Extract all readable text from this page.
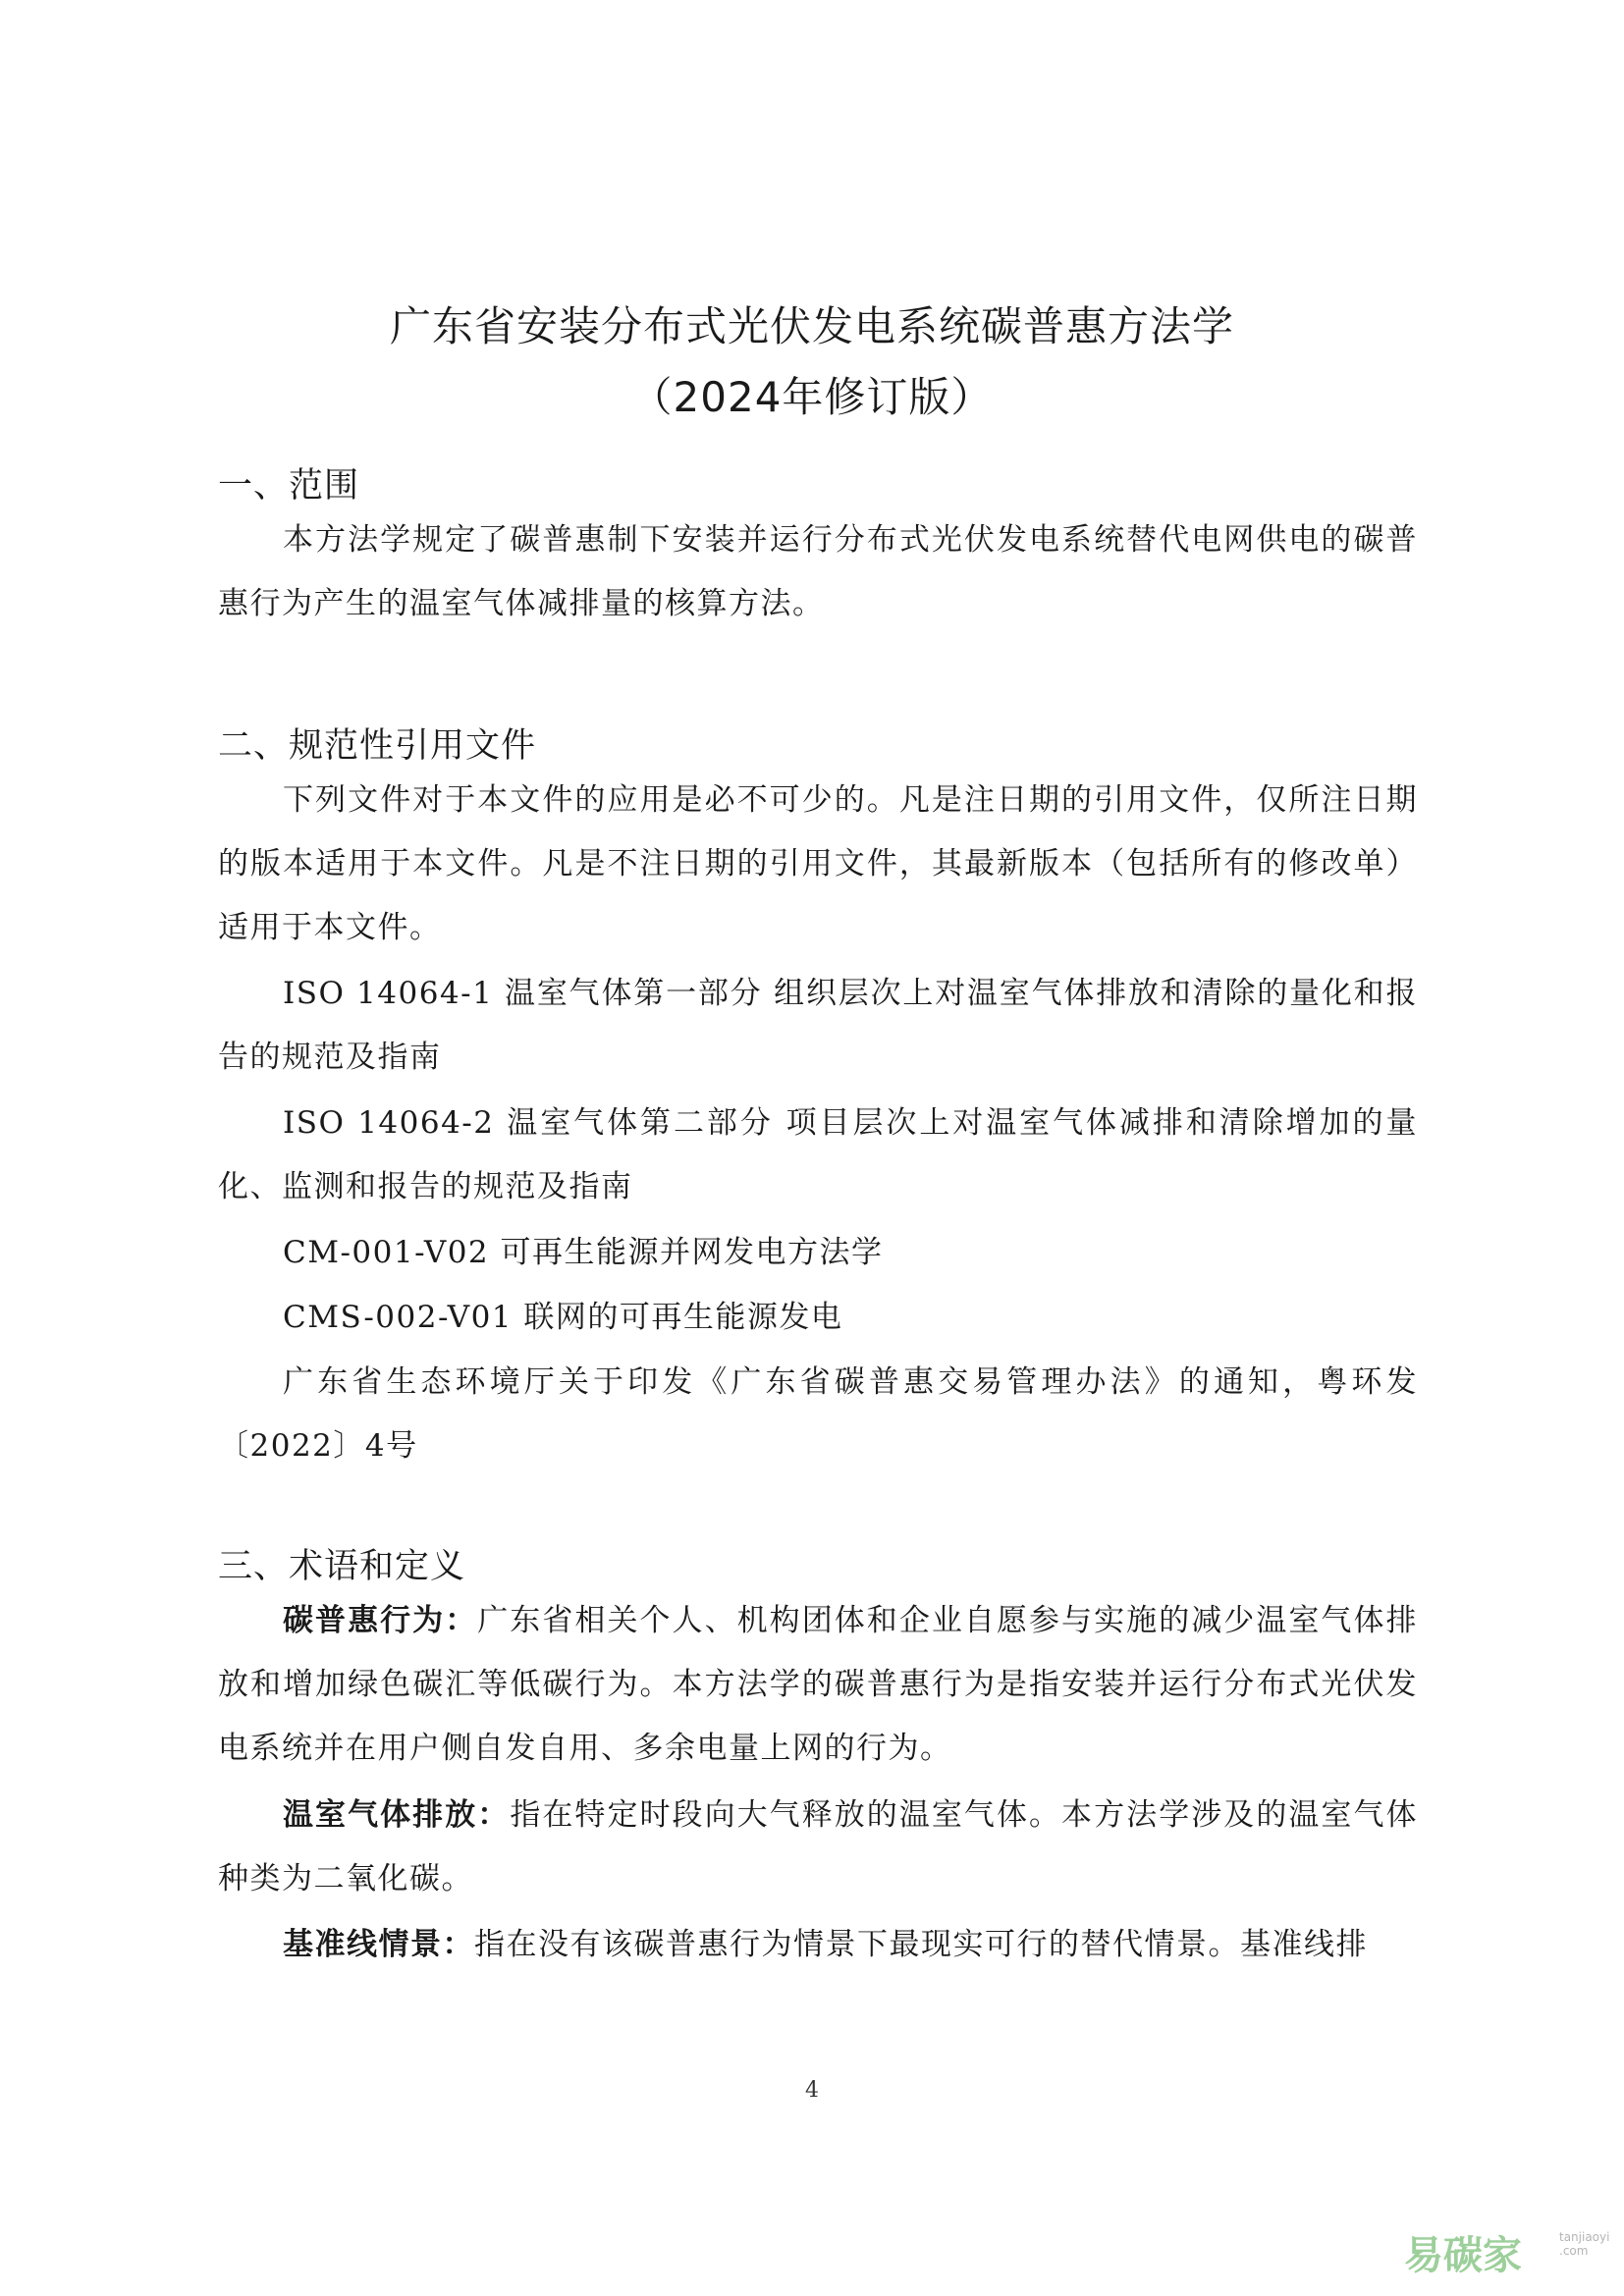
广东省安装分布式光伏发电系统碳普惠方法学
（2024年修订版）
一、范围
本方法学规定了碳普惠制下安装并运行分布式光伏发电系统替代电网供电的碳普惠行为产生的温室气体减排量的核算方法。
二、规范性引用文件
下列文件对于本文件的应用是必不可少的。凡是注日期的引用文件，仅所注日期的版本适用于本文件。凡是不注日期的引用文件，其最新版本（包括所有的修改单）适用于本文件。
ISO 14064-1 温室气体第一部分 组织层次上对温室气体排放和清除的量化和报告的规范及指南
ISO 14064-2 温室气体第二部分 项目层次上对温室气体减排和清除增加的量化、监测和报告的规范及指南
CM-001-V02 可再生能源并网发电方法学
CMS-002-V01 联网的可再生能源发电
广东省生态环境厅关于印发《广东省碳普惠交易管理办法》的通知，粤环发〔2022〕4号
三、术语和定义
碳普惠行为：广东省相关个人、机构团体和企业自愿参与实施的减少温室气体排放和增加绿色碳汇等低碳行为。本方法学的碳普惠行为是指安装并运行分布式光伏发电系统并在用户侧自发自用、多余电量上网的行为。
温室气体排放：指在特定时段向大气释放的温室气体。本方法学涉及的温室气体种类为二氧化碳。
基准线情景：指在没有该碳普惠行为情景下最现实可行的替代情景。基准线排
4
易碳家	tanjiaoyi
.com
